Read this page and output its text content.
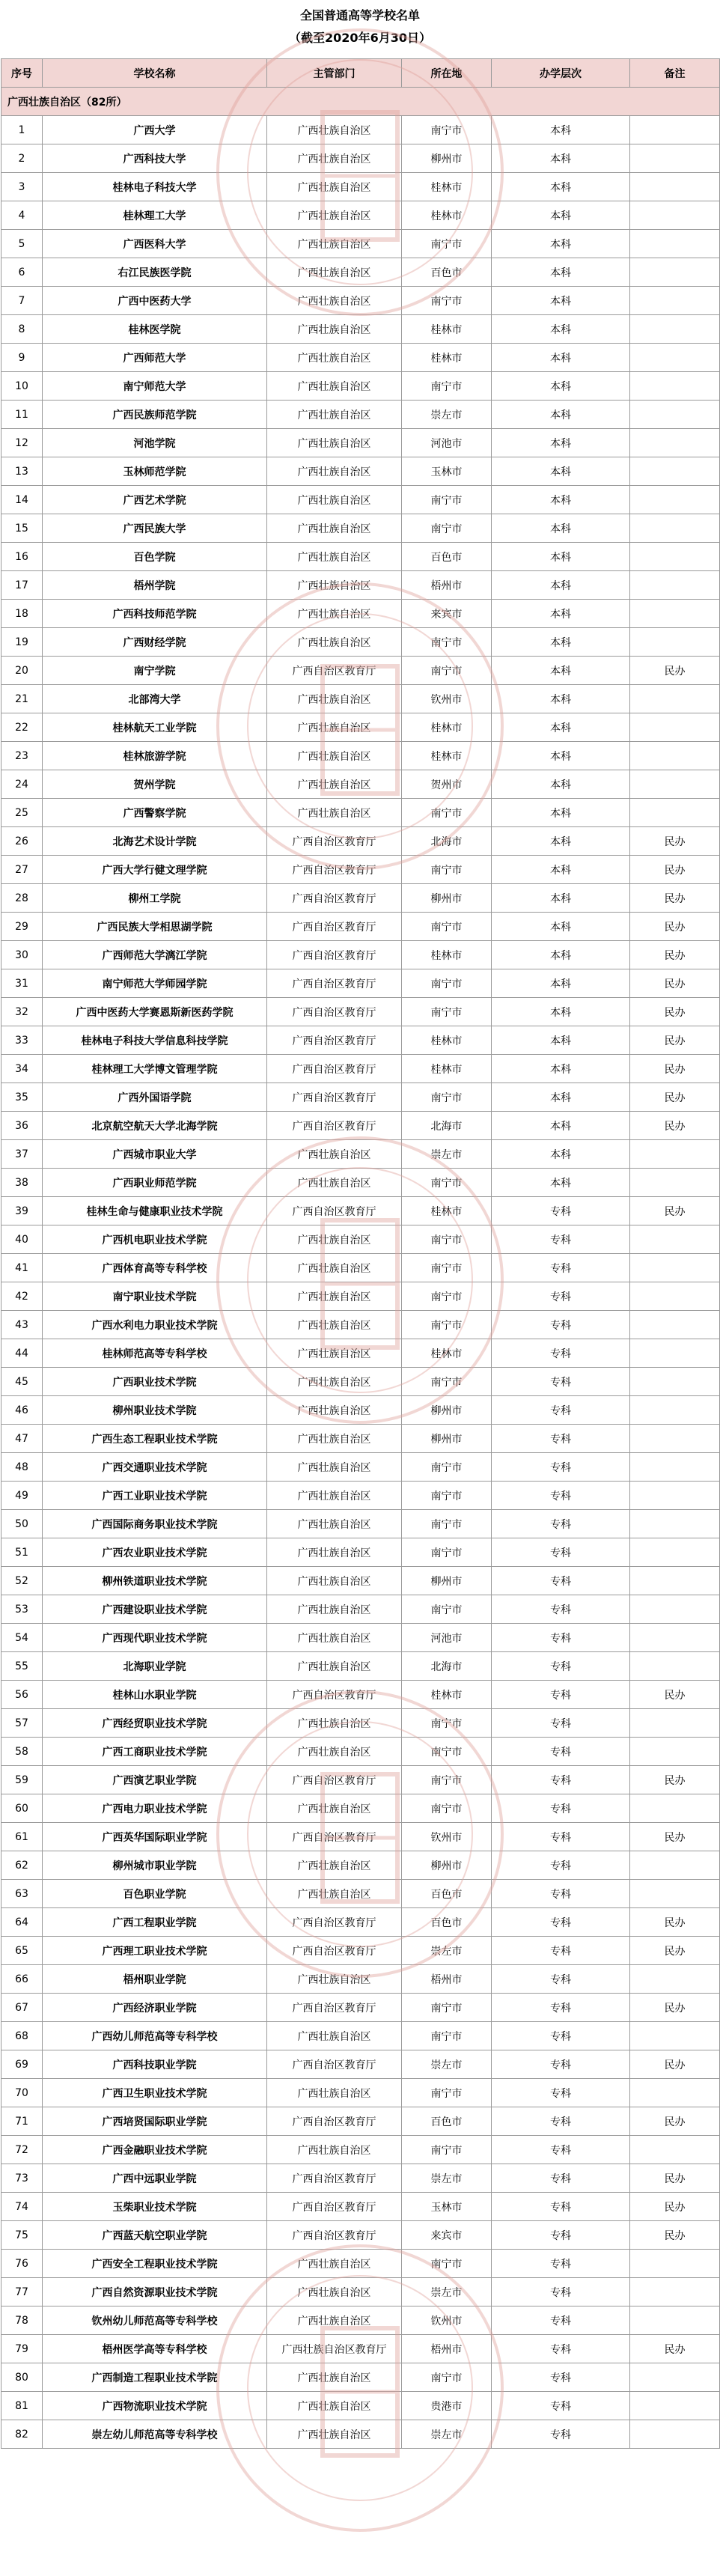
全国普通高等学校名单
（截至2020年6月30日）
序号	学校名称	主管部门	所在地	办学层次	备注
广西壮族自治区（82所）					
1	广西大学	广西壮族自治区	南宁市	本科	
2	广西科技大学	广西壮族自治区	柳州市	本科	
3	桂林电子科技大学	广西壮族自治区	桂林市	本科	
4	桂林理工大学	广西壮族自治区	桂林市	本科	
5	广西医科大学	广西壮族自治区	南宁市	本科	
6	右江民族医学院	广西壮族自治区	百色市	本科	
7	广西中医药大学	广西壮族自治区	南宁市	本科	
8	桂林医学院	广西壮族自治区	桂林市	本科	
9	广西师范大学	广西壮族自治区	桂林市	本科	
10	南宁师范大学	广西壮族自治区	南宁市	本科	
11	广西民族师范学院	广西壮族自治区	崇左市	本科	
12	河池学院	广西壮族自治区	河池市	本科	
13	玉林师范学院	广西壮族自治区	玉林市	本科	
14	广西艺术学院	广西壮族自治区	南宁市	本科	
15	广西民族大学	广西壮族自治区	南宁市	本科	
16	百色学院	广西壮族自治区	百色市	本科	
17	梧州学院	广西壮族自治区	梧州市	本科	
18	广西科技师范学院	广西壮族自治区	来宾市	本科	
19	广西财经学院	广西壮族自治区	南宁市	本科	
20	南宁学院	广西自治区教育厅	南宁市	本科	民办
21	北部湾大学	广西壮族自治区	钦州市	本科	
22	桂林航天工业学院	广西壮族自治区	桂林市	本科	
23	桂林旅游学院	广西壮族自治区	桂林市	本科	
24	贺州学院	广西壮族自治区	贺州市	本科	
25	广西警察学院	广西壮族自治区	南宁市	本科	
26	北海艺术设计学院	广西自治区教育厅	北海市	本科	民办
27	广西大学行健文理学院	广西自治区教育厅	南宁市	本科	民办
28	柳州工学院	广西自治区教育厅	柳州市	本科	民办
29	广西民族大学相思湖学院	广西自治区教育厅	南宁市	本科	民办
30	广西师范大学漓江学院	广西自治区教育厅	桂林市	本科	民办
31	南宁师范大学师园学院	广西自治区教育厅	南宁市	本科	民办
32	广西中医药大学赛恩斯新医药学院	广西自治区教育厅	南宁市	本科	民办
33	桂林电子科技大学信息科技学院	广西自治区教育厅	桂林市	本科	民办
34	桂林理工大学博文管理学院	广西自治区教育厅	桂林市	本科	民办
35	广西外国语学院	广西自治区教育厅	南宁市	本科	民办
36	北京航空航天大学北海学院	广西自治区教育厅	北海市	本科	民办
37	广西城市职业大学	广西壮族自治区	崇左市	本科	
38	广西职业师范学院	广西壮族自治区	南宁市	本科	
39	桂林生命与健康职业技术学院	广西自治区教育厅	桂林市	专科	民办
40	广西机电职业技术学院	广西壮族自治区	南宁市	专科	
41	广西体育高等专科学校	广西壮族自治区	南宁市	专科	
42	南宁职业技术学院	广西壮族自治区	南宁市	专科	
43	广西水利电力职业技术学院	广西壮族自治区	南宁市	专科	
44	桂林师范高等专科学校	广西壮族自治区	桂林市	专科	
45	广西职业技术学院	广西壮族自治区	南宁市	专科	
46	柳州职业技术学院	广西壮族自治区	柳州市	专科	
47	广西生态工程职业技术学院	广西壮族自治区	柳州市	专科	
48	广西交通职业技术学院	广西壮族自治区	南宁市	专科	
49	广西工业职业技术学院	广西壮族自治区	南宁市	专科	
50	广西国际商务职业技术学院	广西壮族自治区	南宁市	专科	
51	广西农业职业技术学院	广西壮族自治区	南宁市	专科	
52	柳州铁道职业技术学院	广西壮族自治区	柳州市	专科	
53	广西建设职业技术学院	广西壮族自治区	南宁市	专科	
54	广西现代职业技术学院	广西壮族自治区	河池市	专科	
55	北海职业学院	广西壮族自治区	北海市	专科	
56	桂林山水职业学院	广西自治区教育厅	桂林市	专科	民办
57	广西经贸职业技术学院	广西壮族自治区	南宁市	专科	
58	广西工商职业技术学院	广西壮族自治区	南宁市	专科	
59	广西演艺职业学院	广西自治区教育厅	南宁市	专科	民办
60	广西电力职业技术学院	广西壮族自治区	南宁市	专科	
61	广西英华国际职业学院	广西自治区教育厅	钦州市	专科	民办
62	柳州城市职业学院	广西壮族自治区	柳州市	专科	
63	百色职业学院	广西壮族自治区	百色市	专科	
64	广西工程职业学院	广西自治区教育厅	百色市	专科	民办
65	广西理工职业技术学院	广西自治区教育厅	崇左市	专科	民办
66	梧州职业学院	广西壮族自治区	梧州市	专科	
67	广西经济职业学院	广西自治区教育厅	南宁市	专科	民办
68	广西幼儿师范高等专科学校	广西壮族自治区	南宁市	专科	
69	广西科技职业学院	广西自治区教育厅	崇左市	专科	民办
70	广西卫生职业技术学院	广西壮族自治区	南宁市	专科	
71	广西培贤国际职业学院	广西自治区教育厅	百色市	专科	民办
72	广西金融职业技术学院	广西壮族自治区	南宁市	专科	
73	广西中远职业学院	广西自治区教育厅	崇左市	专科	民办
74	玉柴职业技术学院	广西自治区教育厅	玉林市	专科	民办
75	广西蓝天航空职业学院	广西自治区教育厅	来宾市	专科	民办
76	广西安全工程职业技术学院	广西壮族自治区	南宁市	专科	
77	广西自然资源职业技术学院	广西壮族自治区	崇左市	专科	
78	钦州幼儿师范高等专科学校	广西壮族自治区	钦州市	专科	
79	梧州医学高等专科学校	广西壮族自治区教育厅	梧州市	专科	民办
80	广西制造工程职业技术学院	广西壮族自治区	南宁市	专科	
81	广西物流职业技术学院	广西壮族自治区	贵港市	专科	
82	崇左幼儿师范高等专科学校	广西壮族自治区	崇左市	专科	
